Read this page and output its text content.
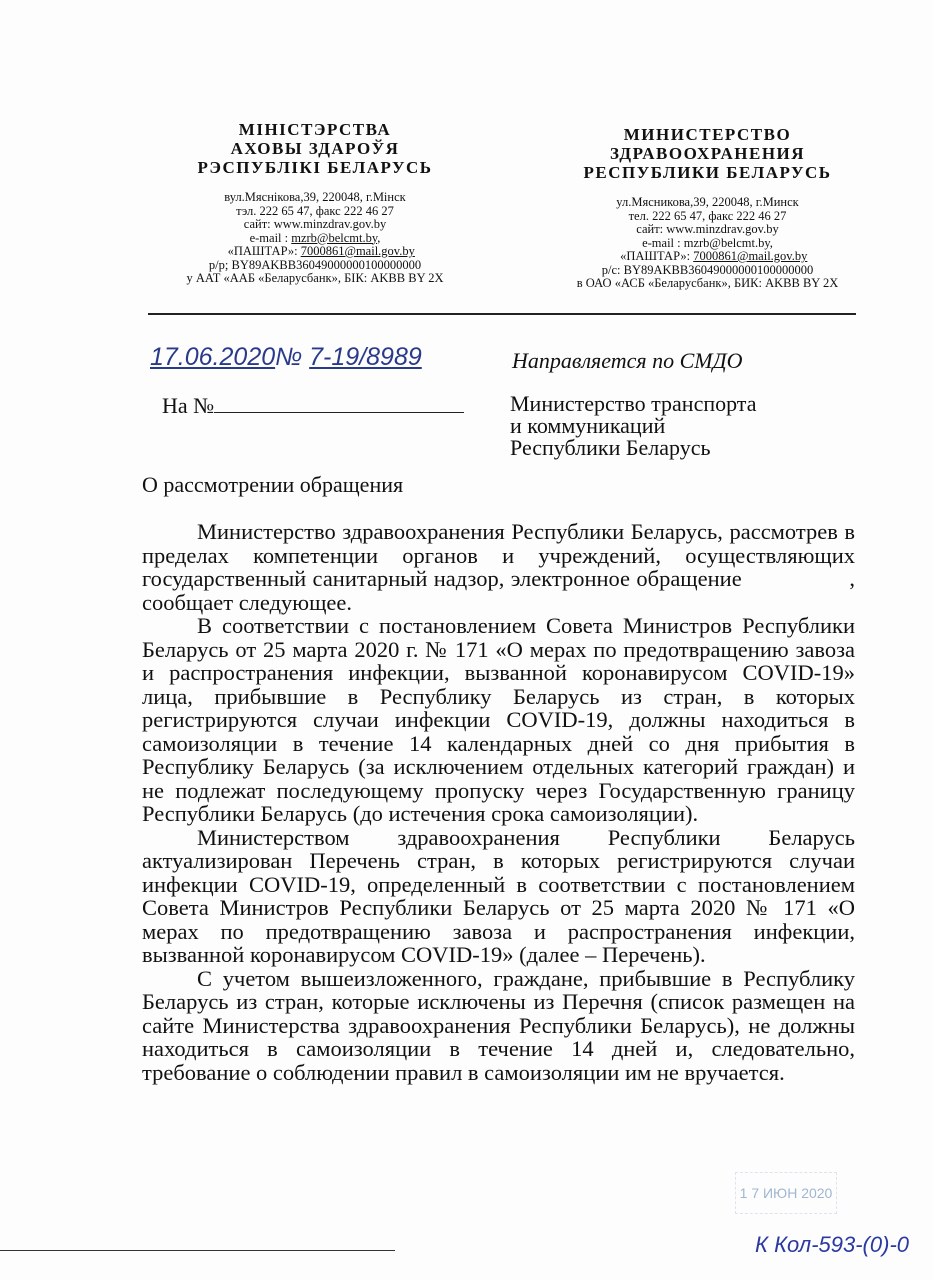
МІНІСТЭРСТВА
АХОВЫ ЗДАРОЎЯ
РЭСПУБЛІКІ БЕЛАРУСЬ
вул.Мяснікова,39, 220048, г.Мінск
тэл. 222 65 47, факс 222 46 27
сайт: www.minzdrav.gov.by
e-mail : mzrb@belcmt.by,
«ПАШТАР»: 7000861@mail.gov.by
р/р; BY89AKBB36049000000100000000
у ААТ «ААБ «Беларусбанк», БІК: AKBB BY 2X
МИНИСТЕРСТВО
ЗДРАВООХРАНЕНИЯ
РЕСПУБЛИКИ БЕЛАРУСЬ
ул.Мясникова,39, 220048, г.Минск
тел. 222 65 47, факс 222 46 27
сайт: www.minzdrav.gov.by
e-mail : mzrb@belcmt.by,
«ПАШТАР»: 7000861@mail.gov.by
р/с: BY89AKBB36049000000100000000
в ОАО «АСБ «Беларусбанк», БИК: AKBB BY 2X
17.06.2020№ 7-19/8989	Направляется по СМДО
На №	Министерство транспорта
и коммуникаций
Республики Беларусь
О рассмотрении обращения

Министерство здравоохранения Республики Беларусь, рассмотрев в пределах компетенции органов и учреждений, осуществляющих государственный санитарный надзор, электронное обращение                 , сообщает следующее.

В соответствии с постановлением Совета Министров Республики Беларусь от 25 марта 2020 г. № 171 «О мерах по предотвращению завоза и распространения инфекции, вызванной коронавирусом COVID-19» лица, прибывшие в Республику Беларусь из стран, в которых регистрируются случаи инфекции COVID-19, должны находиться в самоизоляции в течение 14 календарных дней со дня прибытия в Республику Беларусь (за исключением отдельных категорий граждан) и не подлежат последующему пропуску через Государственную границу Республики Беларусь (до истечения срока самоизоляции).

Министерством здравоохранения Республики Беларусь актуализирован Перечень стран, в которых регистрируются случаи инфекции COVID-19, определенный в соответствии с постановлением Совета Министров Республики Беларусь от 25 марта 2020 № 171 «О мерах по предотвращению завоза и распространения инфекции, вызванной коронавирусом COVID-19» (далее – Перечень).

С учетом вышеизложенного, граждане, прибывшие в Республику Беларусь из стран, которые исключены из Перечня (список размещен на сайте Министерства здравоохранения Республики Беларусь), не должны находиться в самоизоляции в течение 14 дней и, следовательно, требование о соблюдении правил в самоизоляции им не вручается.

1 7 ИЮН 2020
К Кол-593-(0)-0
